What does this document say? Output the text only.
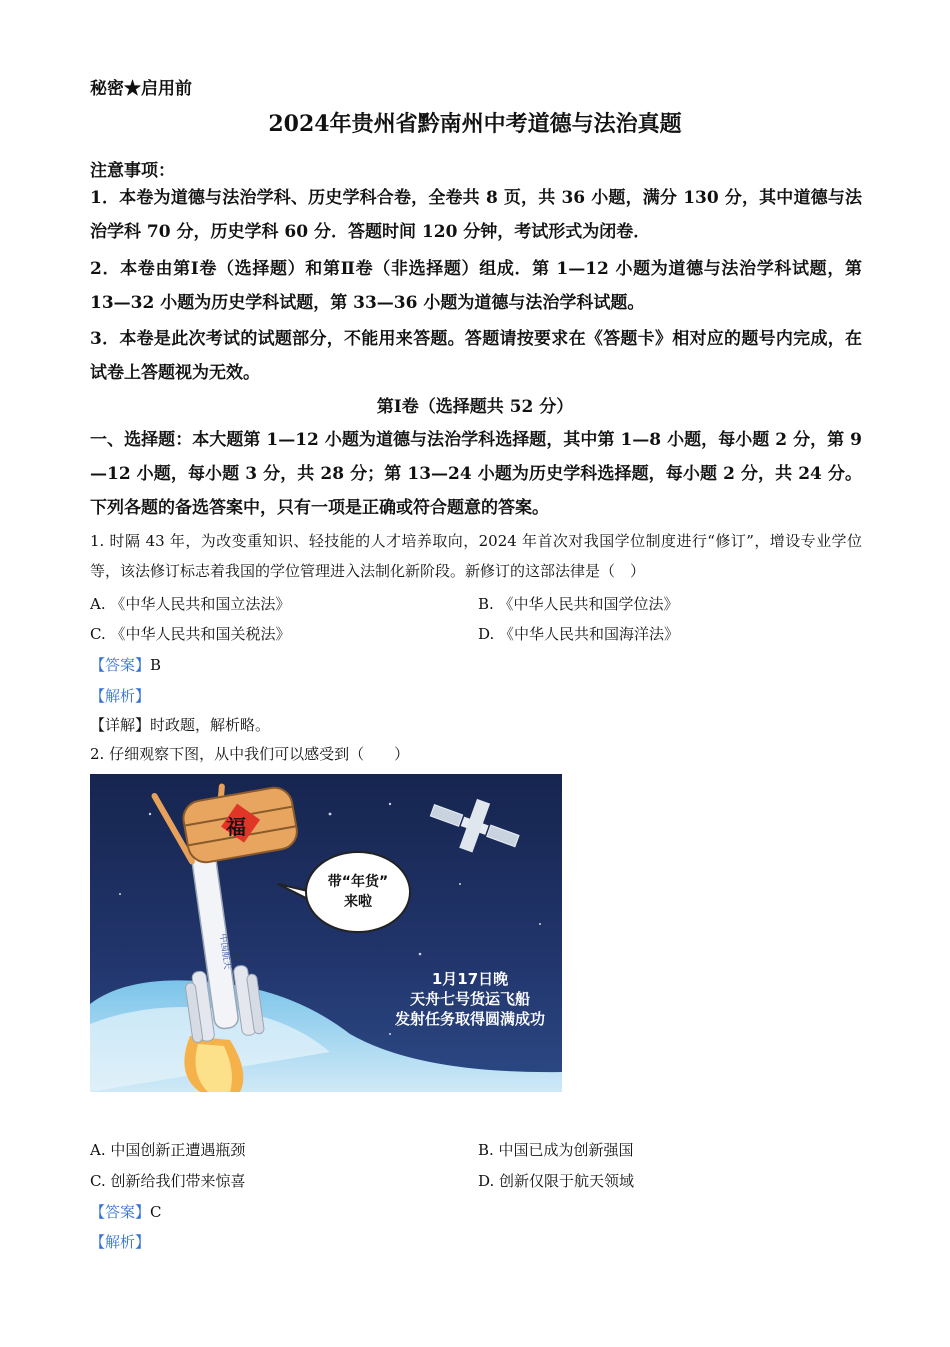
秘密★启用前
2024年贵州省黔南州中考道德与法治真题
注意事项：
1．本卷为道德与法治学科、历史学科合卷，全卷共 8 页，共 36 小题，满分 130 分，其中道德与法治学科 70 分，历史学科 60 分．答题时间 120 分钟，考试形式为闭卷．
2．本卷由第Ⅰ卷（选择题）和第Ⅱ卷（非选择题）组成．第 1—12 小题为道德与法治学科试题，第 13—32 小题为历史学科试题，第 33—36 小题为道德与法治学科试题。
3．本卷是此次考试的试题部分，不能用来答题。答题请按要求在《答题卡》相对应的题号内完成，在试卷上答题视为无效。
第Ⅰ卷（选择题共 52 分）
一、选择题：本大题第 1—12 小题为道德与法治学科选择题，其中第 1—8 小题，每小题 2 分，第 9—12 小题，每小题 3 分，共 28 分；第 13—24 小题为历史学科选择题，每小题 2 分，共 24 分。下列各题的备选答案中，只有一项是正确或符合题意的答案。
1. 时隔 43 年，为改变重知识、轻技能的人才培养取向，2024 年首次对我国学位制度进行“修订”，增设专业学位等，该法修订标志着我国的学位管理进入法制化新阶段。新修订的这部法律是（　）
A. 《中华人民共和国立法法》	B. 《中华人民共和国学位法》
C. 《中华人民共和国关税法》	D. 《中华人民共和国海洋法》
【答案】B
【解析】
【详解】时政题，解析略。
2. 仔细观察下图，从中我们可以感受到（　　）
中国航天
福
带“年货”
来啦
1月17日晚
天舟七号货运飞船
发射任务取得圆满成功
A. 中国创新正遭遇瓶颈	B. 中国已成为创新强国
C. 创新给我们带来惊喜	D. 创新仅限于航天领域
【答案】C
【解析】
